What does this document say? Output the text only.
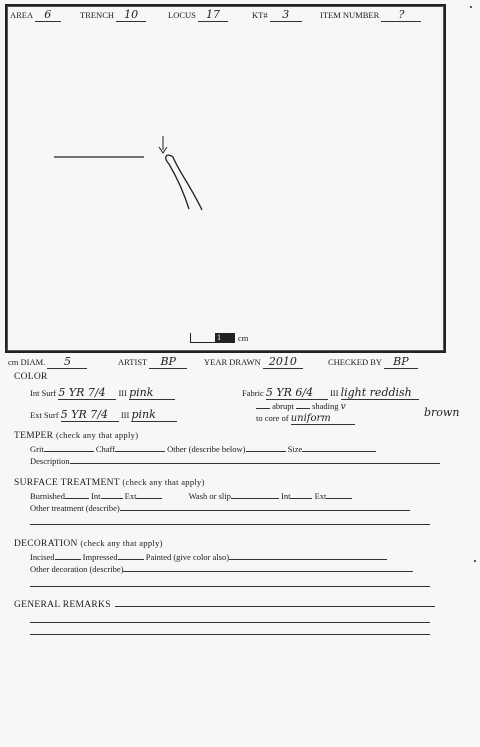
AREA 6	TRENCH 10	LOCUS 17	KT# 3	ITEM NUMBER ?
1 cm
cm DIAM. 5	ARTIST BP	YEAR DRAWN 2010	CHECKED BY BP
COLOR
Int Surf 5 YR 7/4 III pink	Fabric 5 YR 6/4 III light reddish
abrupt shading v	brown
Ext Surf 5 YR 7/4 III pink	to core of uniform
TEMPER (check any that apply)
Grit	Chaff	Other (describe below)	Size
Description
SURFACE TREATMENT (check any that apply)
Burnished	Int	Ext	Wash or slip	Int	Ext
Other treatment (describe)
DECORATION (check any that apply)
Incised	Impressed	Painted (give color also)
Other decoration (describe)
GENERAL REMARKS
